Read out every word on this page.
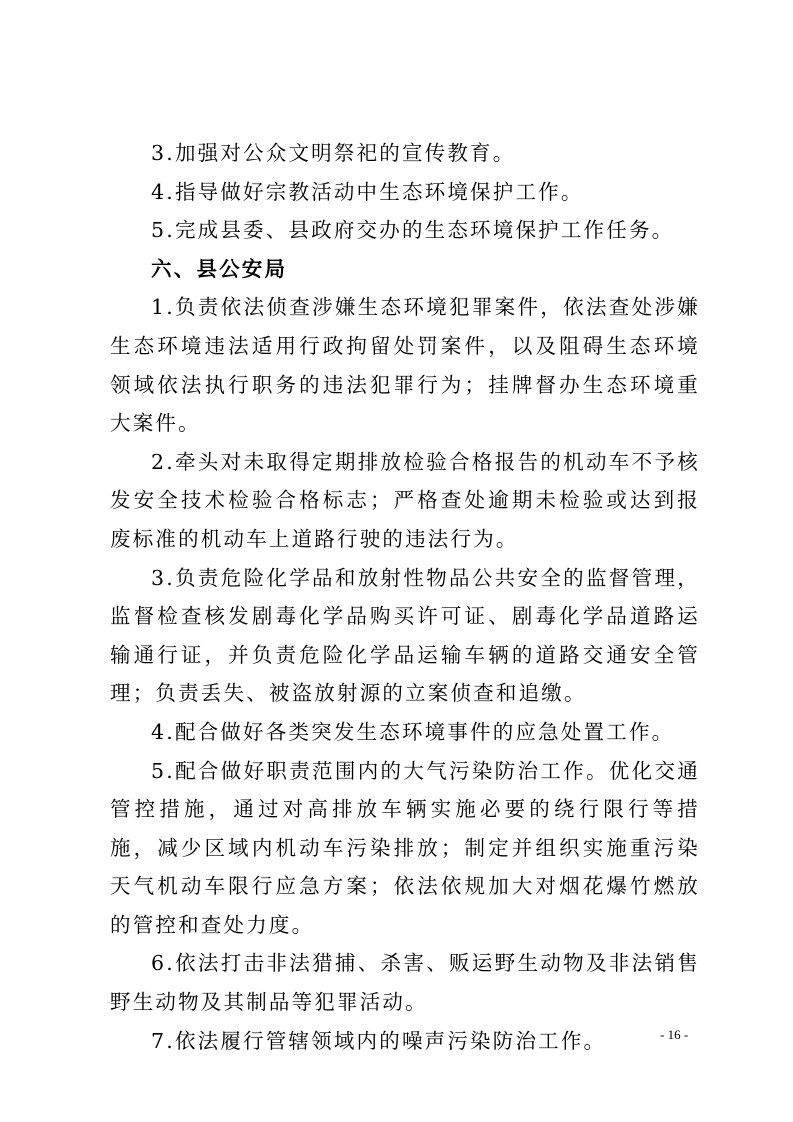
3.加强对公众文明祭祀的宣传教育。

4.指导做好宗教活动中生态环境保护工作。

5.完成县委、县政府交办的生态环境保护工作任务。

六、县公安局

1.负责依法侦查涉嫌生态环境犯罪案件，依法查处涉嫌生态环境违法适用行政拘留处罚案件，以及阻碍生态环境领域依法执行职务的违法犯罪行为；挂牌督办生态环境重大案件。

2.牵头对未取得定期排放检验合格报告的机动车不予核发安全技术检验合格标志；严格查处逾期未检验或达到报废标准的机动车上道路行驶的违法行为。

3.负责危险化学品和放射性物品公共安全的监督管理，监督检查核发剧毒化学品购买许可证、剧毒化学品道路运输通行证，并负责危险化学品运输车辆的道路交通安全管理；负责丢失、被盗放射源的立案侦查和追缴。

4.配合做好各类突发生态环境事件的应急处置工作。

5.配合做好职责范围内的大气污染防治工作。优化交通管控措施，通过对高排放车辆实施必要的绕行限行等措施，减少区域内机动车污染排放；制定并组织实施重污染天气机动车限行应急方案；依法依规加大对烟花爆竹燃放的管控和查处力度。

6.依法打击非法猎捕、杀害、贩运野生动物及非法销售野生动物及其制品等犯罪活动。

7.依法履行管辖领域内的噪声污染防治工作。	- 16 -
